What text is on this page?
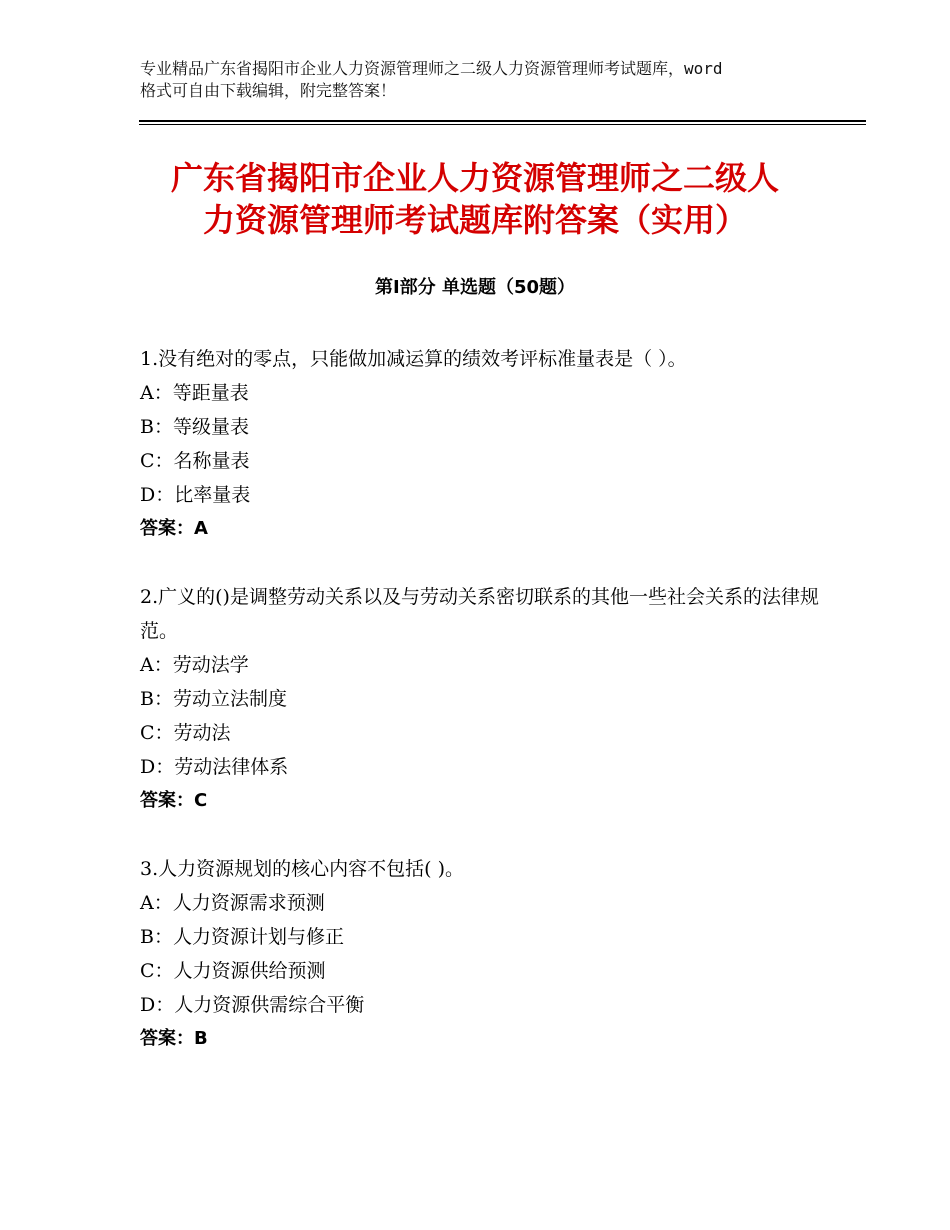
专业精品广东省揭阳市企业人力资源管理师之二级人力资源管理师考试题库，word
格式可自由下载编辑，附完整答案！
广东省揭阳市企业人力资源管理师之二级人
力资源管理师考试题库附答案（实用）
第Ⅰ部分 单选题（50题）
1.没有绝对的零点，只能做加减运算的绩效考评标准量表是（ ）。
A：等距量表
B：等级量表
C：名称量表
D：比率量表
答案：A
2.广义的()是调整劳动关系以及与劳动关系密切联系的其他一些社会关系的法律规范。
A：劳动法学
B：劳动立法制度
C：劳动法
D：劳动法律体系
答案：C
3.人力资源规划的核心内容不包括( )。
A：人力资源需求预测
B：人力资源计划与修正
C：人力资源供给预测
D：人力资源供需综合平衡
答案：B
